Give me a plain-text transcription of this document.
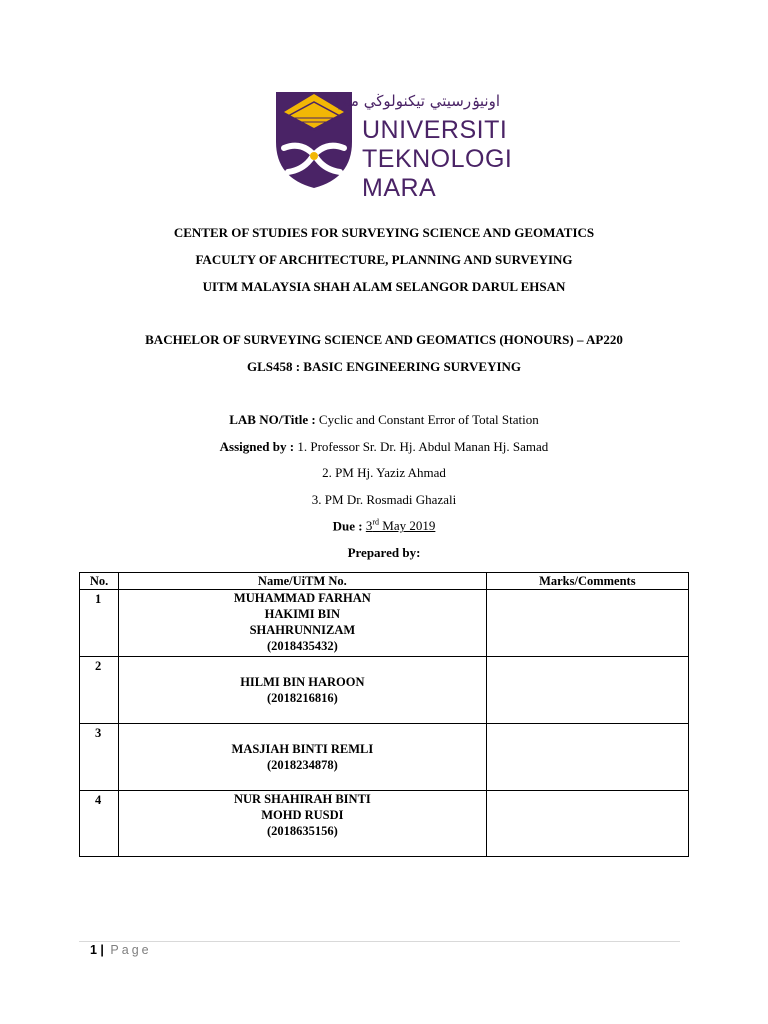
اونيۏرسيتي تيكنولوڬي مارا
UNIVERSITI
TEKNOLOGI
MARA
CENTER OF STUDIES FOR SURVEYING SCIENCE AND GEOMATICS
FACULTY OF ARCHITECTURE, PLANNING AND SURVEYING
UITM MALAYSIA SHAH ALAM SELANGOR DARUL EHSAN
BACHELOR OF SURVEYING SCIENCE AND GEOMATICS (HONOURS) – AP220
GLS458 : BASIC ENGINEERING SURVEYING
LAB NO/Title : Cyclic and Constant Error of Total Station
Assigned by : 1. Professor Sr. Dr. Hj. Abdul Manan Hj. Samad
2. PM Hj. Yaziz Ahmad
3. PM Dr. Rosmadi Ghazali
Due : 3rd May 2019
Prepared by:
No.	Name/UiTM No.	Marks/Comments
1	MUHAMMAD FARHAN
HAKIMI BIN
SHAHRUNNIZAM
(2018435432)	

2	HILMI BIN HAROON
(2018216816)	

3	MASJIAH BINTI REMLI
(2018234878)	

4	NUR SHAHIRAH BINTI
MOHD RUSDI
(2018635156)	

1 | Page
